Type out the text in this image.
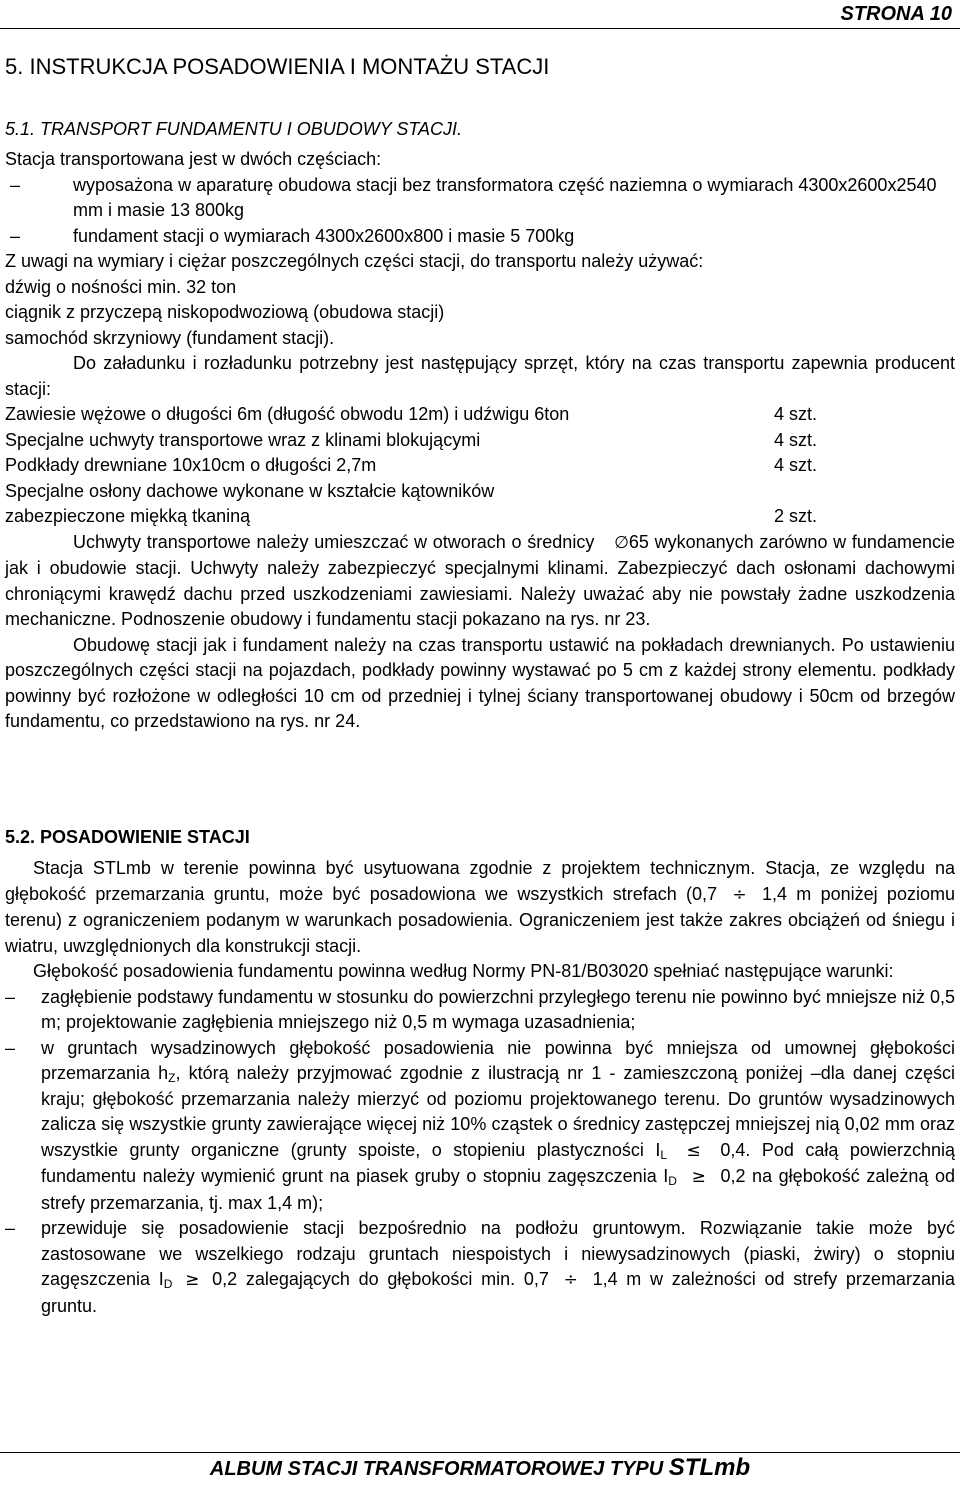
STRONA 10
5. INSTRUKCJA POSADOWIENIA I MONTAŻU STACJI
5.1. TRANSPORT FUNDAMENTU I OBUDOWY STACJI.

Stacja transportowana jest w dwóch częściach:

–	wyposażona w aparaturę obudowa stacji bez transformatora część naziemna o wymiarach 4300x2600x2540 mm i masie 13 800kg
–	fundament stacji o wymiarach 4300x2600x800 i masie 5 700kg

Z uwagi na wymiary i ciężar poszczególnych części stacji, do transportu należy używać:

dźwig o nośności min. 32 ton

ciągnik z przyczepą niskopodwoziową (obudowa stacji)

samochód skrzyniowy (fundament stacji).

Do załadunku i rozładunku potrzebny jest następujący sprzęt, który na czas transportu zapewnia producent stacji:

Zawiesie wężowe o długości 6m (długość obwodu 12m) i udźwigu 6ton	4 szt.
Specjalne uchwyty transportowe wraz z klinami blokującymi	4 szt.
Podkłady drewniane 10x10cm o długości 2,7m	4 szt.
Specjalne osłony dachowe wykonane w kształcie kątowników
zabezpieczone miękką tkaniną	2 szt.

Uchwyty transportowe należy umieszczać w otworach o średnicy ∅65 wykonanych zarówno w fundamencie jak i obudowie stacji. Uchwyty należy zabezpieczyć specjalnymi klinami. Zabezpieczyć dach osłonami dachowymi chroniącymi krawędź dachu przed uszkodzeniami zawiesiami. Należy uważać aby nie powstały żadne uszkodzenia mechaniczne. Podnoszenie obudowy i fundamentu stacji pokazano na rys. nr 23.

Obudowę stacji jak i fundament należy na czas transportu ustawić na pokładach drewnianych. Po ustawieniu poszczególnych części stacji na pojazdach, podkłady powinny wystawać po 5 cm z każdej strony elementu. podkłady powinny być rozłożone w odległości 10 cm od przedniej i tylnej ściany transportowanej obudowy i 50cm od brzegów fundamentu, co przedstawiono na rys. nr 24.

5.2. POSADOWIENIE STACJI

Stacja STLmb w terenie powinna być usytuowana zgodnie z projektem technicznym. Stacja, ze względu na głębokość przemarzania gruntu, może być posadowiona we wszystkich strefach (0,7 ÷ 1,4 m poniżej poziomu terenu) z ograniczeniem podanym w warunkach posadowienia. Ograniczeniem jest także zakres obciążeń od śniegu i wiatru, uwzględnionych dla konstrukcji stacji.

Głębokość posadowienia fundamentu powinna według Normy PN-81/B03020 spełniać następujące warunki:

– zagłębienie podstawy fundamentu w stosunku do powierzchni przyległego terenu nie powinno być mniejsze niż 0,5 m; projektowanie zagłębienia mniejszego niż 0,5 m wymaga uzasadnienia;
– w gruntach wysadzinowych głębokość posadowienia nie powinna być mniejsza od umownej głębokości przemarzania $h_Z$, którą należy przyjmować zgodnie z ilustracją nr 1 - zamieszczoną poniżej –dla danej części kraju; głębokość przemarzania należy mierzyć od poziomu projektowanego terenu. Do gruntów wysadzinowych zalicza się wszystkie grunty zawierające więcej niż 10% cząstek o średnicy zastępczej mniejszej nią 0,02 mm oraz wszystkie grunty organiczne (grunty spoiste, o stopieniu plastyczności $I_L \le 0,4$. Pod całą powierzchnią fundamentu należy wymienić grunt na piasek gruby o stopniu zagęszczenia $I_D \ge 0,2$ na głębokość zależną od strefy przemarzania, tj. max 1,4 m);
– przewiduje się posadowienie stacji bezpośrednio na podłożu gruntowym. Rozwiązanie takie może być zastosowane we wszelkiego rodzaju gruntach niespoistych i niewysadzinowych (piaski, żwiry) o stopniu zagęszczenia $I_D \ge 0,2$ zalegających do głębokości min. 0,7 ÷ 1,4 m w zależności od strefy przemarzania gruntu.
ALBUM STACJI TRANSFORMATOROWEJ TYPU STLmb
